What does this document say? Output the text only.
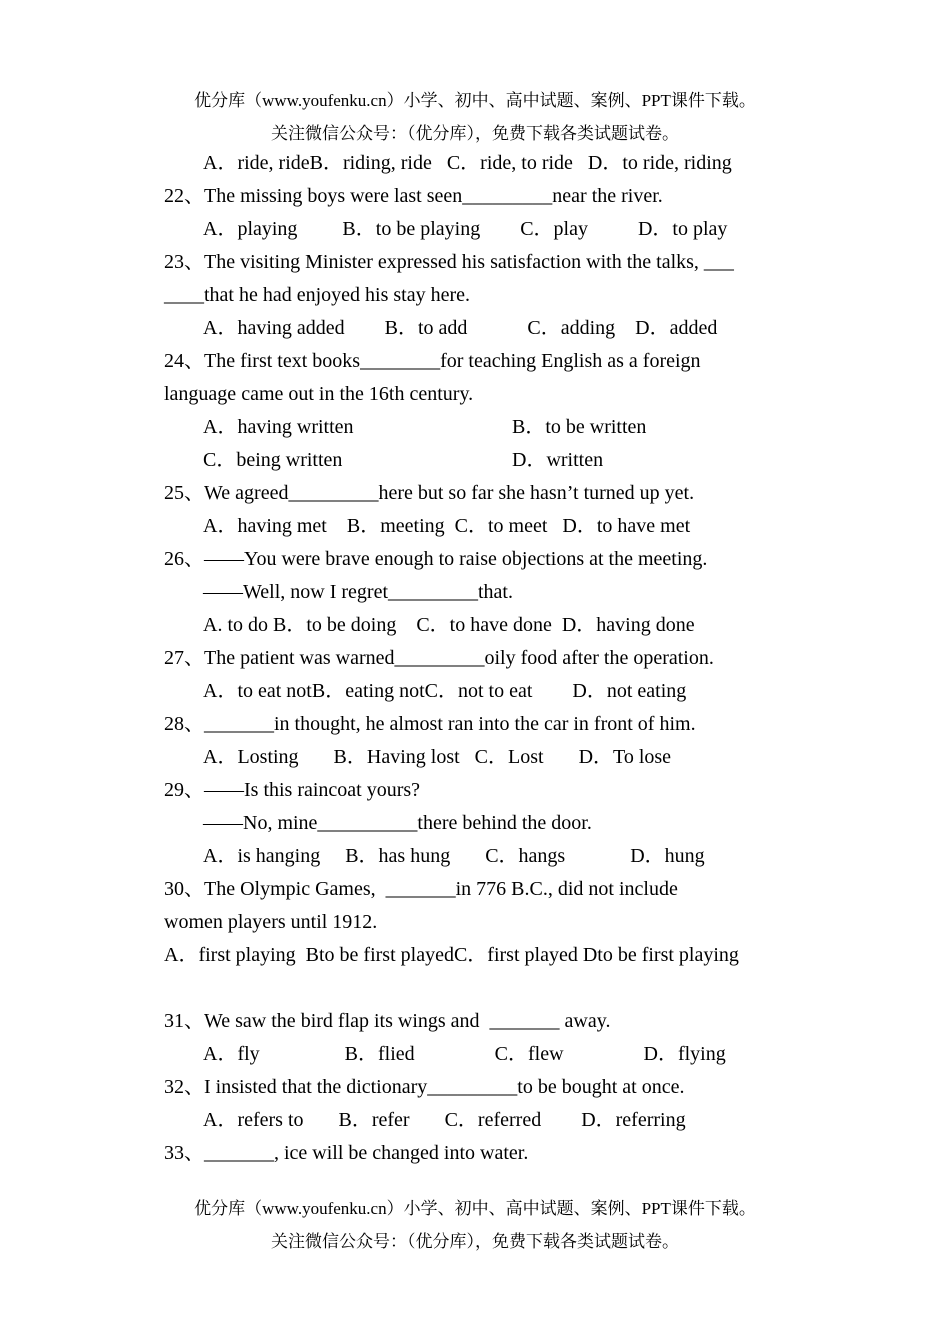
优分库（www.youfenku.cn）小学、初中、高中试题、案例、PPT课件下载。
关注微信公众号：（优分库），免费下载各类试题试卷。
A．ride, rideB．riding, ride   C．ride, to ride   D．to ride, riding
22、The missing boys were last seen_________near the river.
A．playing         B．to be playing        C．play          D．to play
23、The visiting Minister expressed his satisfaction with the talks, ___
____that he had enjoyed his stay here.
A．having added        B．to add            C．adding    D．added
24、The first text books________for teaching English as a foreign
language came out in the 16th century.
A．having written	B．to be written
C．being written	D．written
25、We agreed_________here but so far she hasn’t turned up yet.
A．having met    B．meeting  C．to meet   D．to have met
26、——You were brave enough to raise objections at the meeting.
——Well, now I regret_________that.
A. to do B．to be doing    C．to have done  D．having done
27、The patient was warned_________oily food after the operation.
A．to eat notB．eating notC．not to eat        D．not eating
28、_______in thought, he almost ran into the car in front of him.
A．Losting       B．Having lost   C．Lost       D．To lose
29、——Is this raincoat yours?
——No, mine__________there behind the door.
A．is hanging     B．has hung       C．hangs             D．hung
30、The Olympic Games,  _______in 776 B.C., did not include
women players until 1912.
A．first playing  Bto be first playedC．first played Dto be first playing
31、We saw the bird flap its wings and  _______ away.
A．fly                 B．flied                C．flew                D．flying
32、I insisted that the dictionary_________to be bought at once.
A．refers to       B．refer       C．referred        D．referring
33、_______, ice will be changed into water.
优分库（www.youfenku.cn）小学、初中、高中试题、案例、PPT课件下载。
关注微信公众号：（优分库），免费下载各类试题试卷。
